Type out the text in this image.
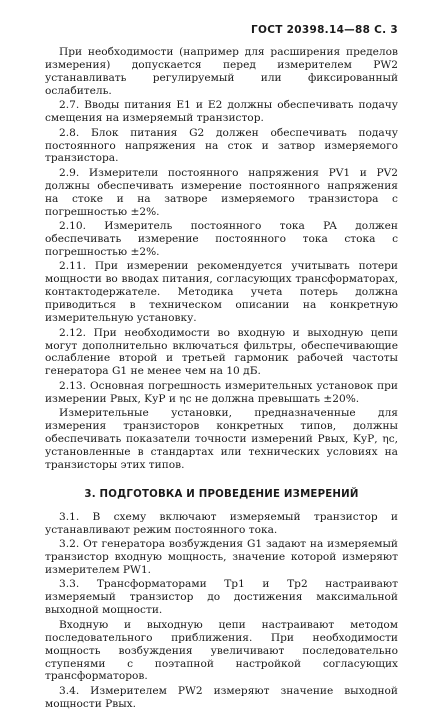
ГОСТ 20398.14—88 С. 3

При необходимости (например для расширения пределов измерения) допускается перед измерителем PW2 устанавливать регулируемый или фиксированный ослабитель.

2.7. Вводы питания E1 и E2 должны обеспечивать подачу смещения на измеряемый транзистор.

2.8. Блок питания G2 должен обеспечивать подачу постоянного напряжения на сток и затвор измеряемого транзистора.

2.9. Измерители постоянного напряжения PV1 и PV2 должны обеспечивать измерение постоянного напряжения на стоке и на затворе измеряемого транзистора с погрешностью ±2%.

2.10. Измеритель постоянного тока PA должен обеспечивать измерение постоянного тока стока с погрешностью ±2%.

2.11. При измерении рекомендуется учитывать потери мощности во вводах питания, согласующих трансформаторах, контактодержателе. Методика учета потерь должна приводиться в техническом описании на конкретную измерительную установку.

2.12. При необходимости во входную и выходную цепи могут дополнительно включаться фильтры, обеспечивающие ослабление второй и третьей гармоник рабочей частоты генератора G1 не менее чем на 10 дБ.

2.13. Основная погрешность измерительных установок при измерении Pвых, KуР и ηс не должна превышать ±20%.

Измерительные установки, предназначенные для измерения транзисторов конкретных типов, должны обеспечивать показатели точности измерений Pвых, KуР, ηс, установленные в стандартах или технических условиях на транзисторы этих типов.

3. ПОДГОТОВКА И ПРОВЕДЕНИЕ ИЗМЕРЕНИЙ

3.1. В схему включают измеряемый транзистор и устанавливают режим постоянного тока.

3.2. От генератора возбуждения G1 задают на измеряемый транзистор входную мощность, значение которой измеряют измерителем PW1.

3.3. Трансформаторами Тр1 и Тр2 настраивают измеряемый транзистор до достижения максимальной выходной мощности.

Входную и выходную цепи настраивают методом последовательного приближения. При необходимости мощность возбуждения увеличивают последовательно ступенями с поэтапной настройкой согласующих трансформаторов.

3.4. Измерителем PW2 измеряют значение выходной мощности Pвых.
